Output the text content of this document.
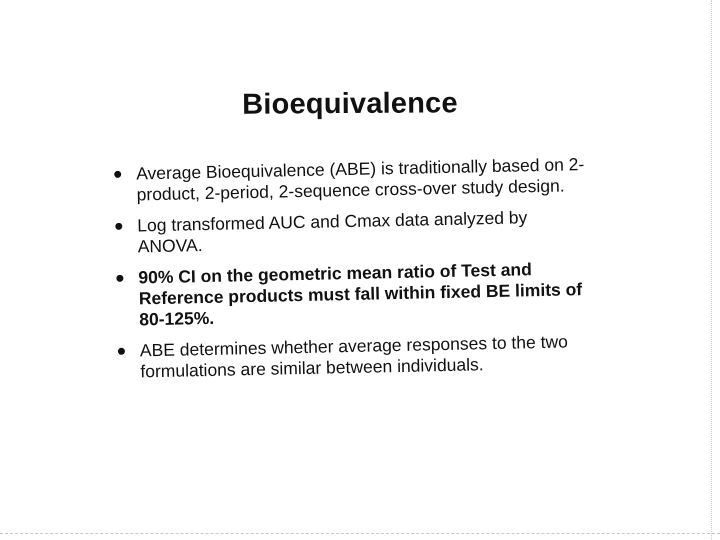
Bioequivalence
Average Bioequivalence (ABE) is traditionally based on 2-product, 2-period, 2-sequence cross-over study design.
Log transformed AUC and Cmax data analyzed by ANOVA.
90% CI on the geometric mean ratio of Test and Reference products must fall within fixed BE limits of 80-125%.
ABE determines whether average responses to the two formulations are similar between individuals.
